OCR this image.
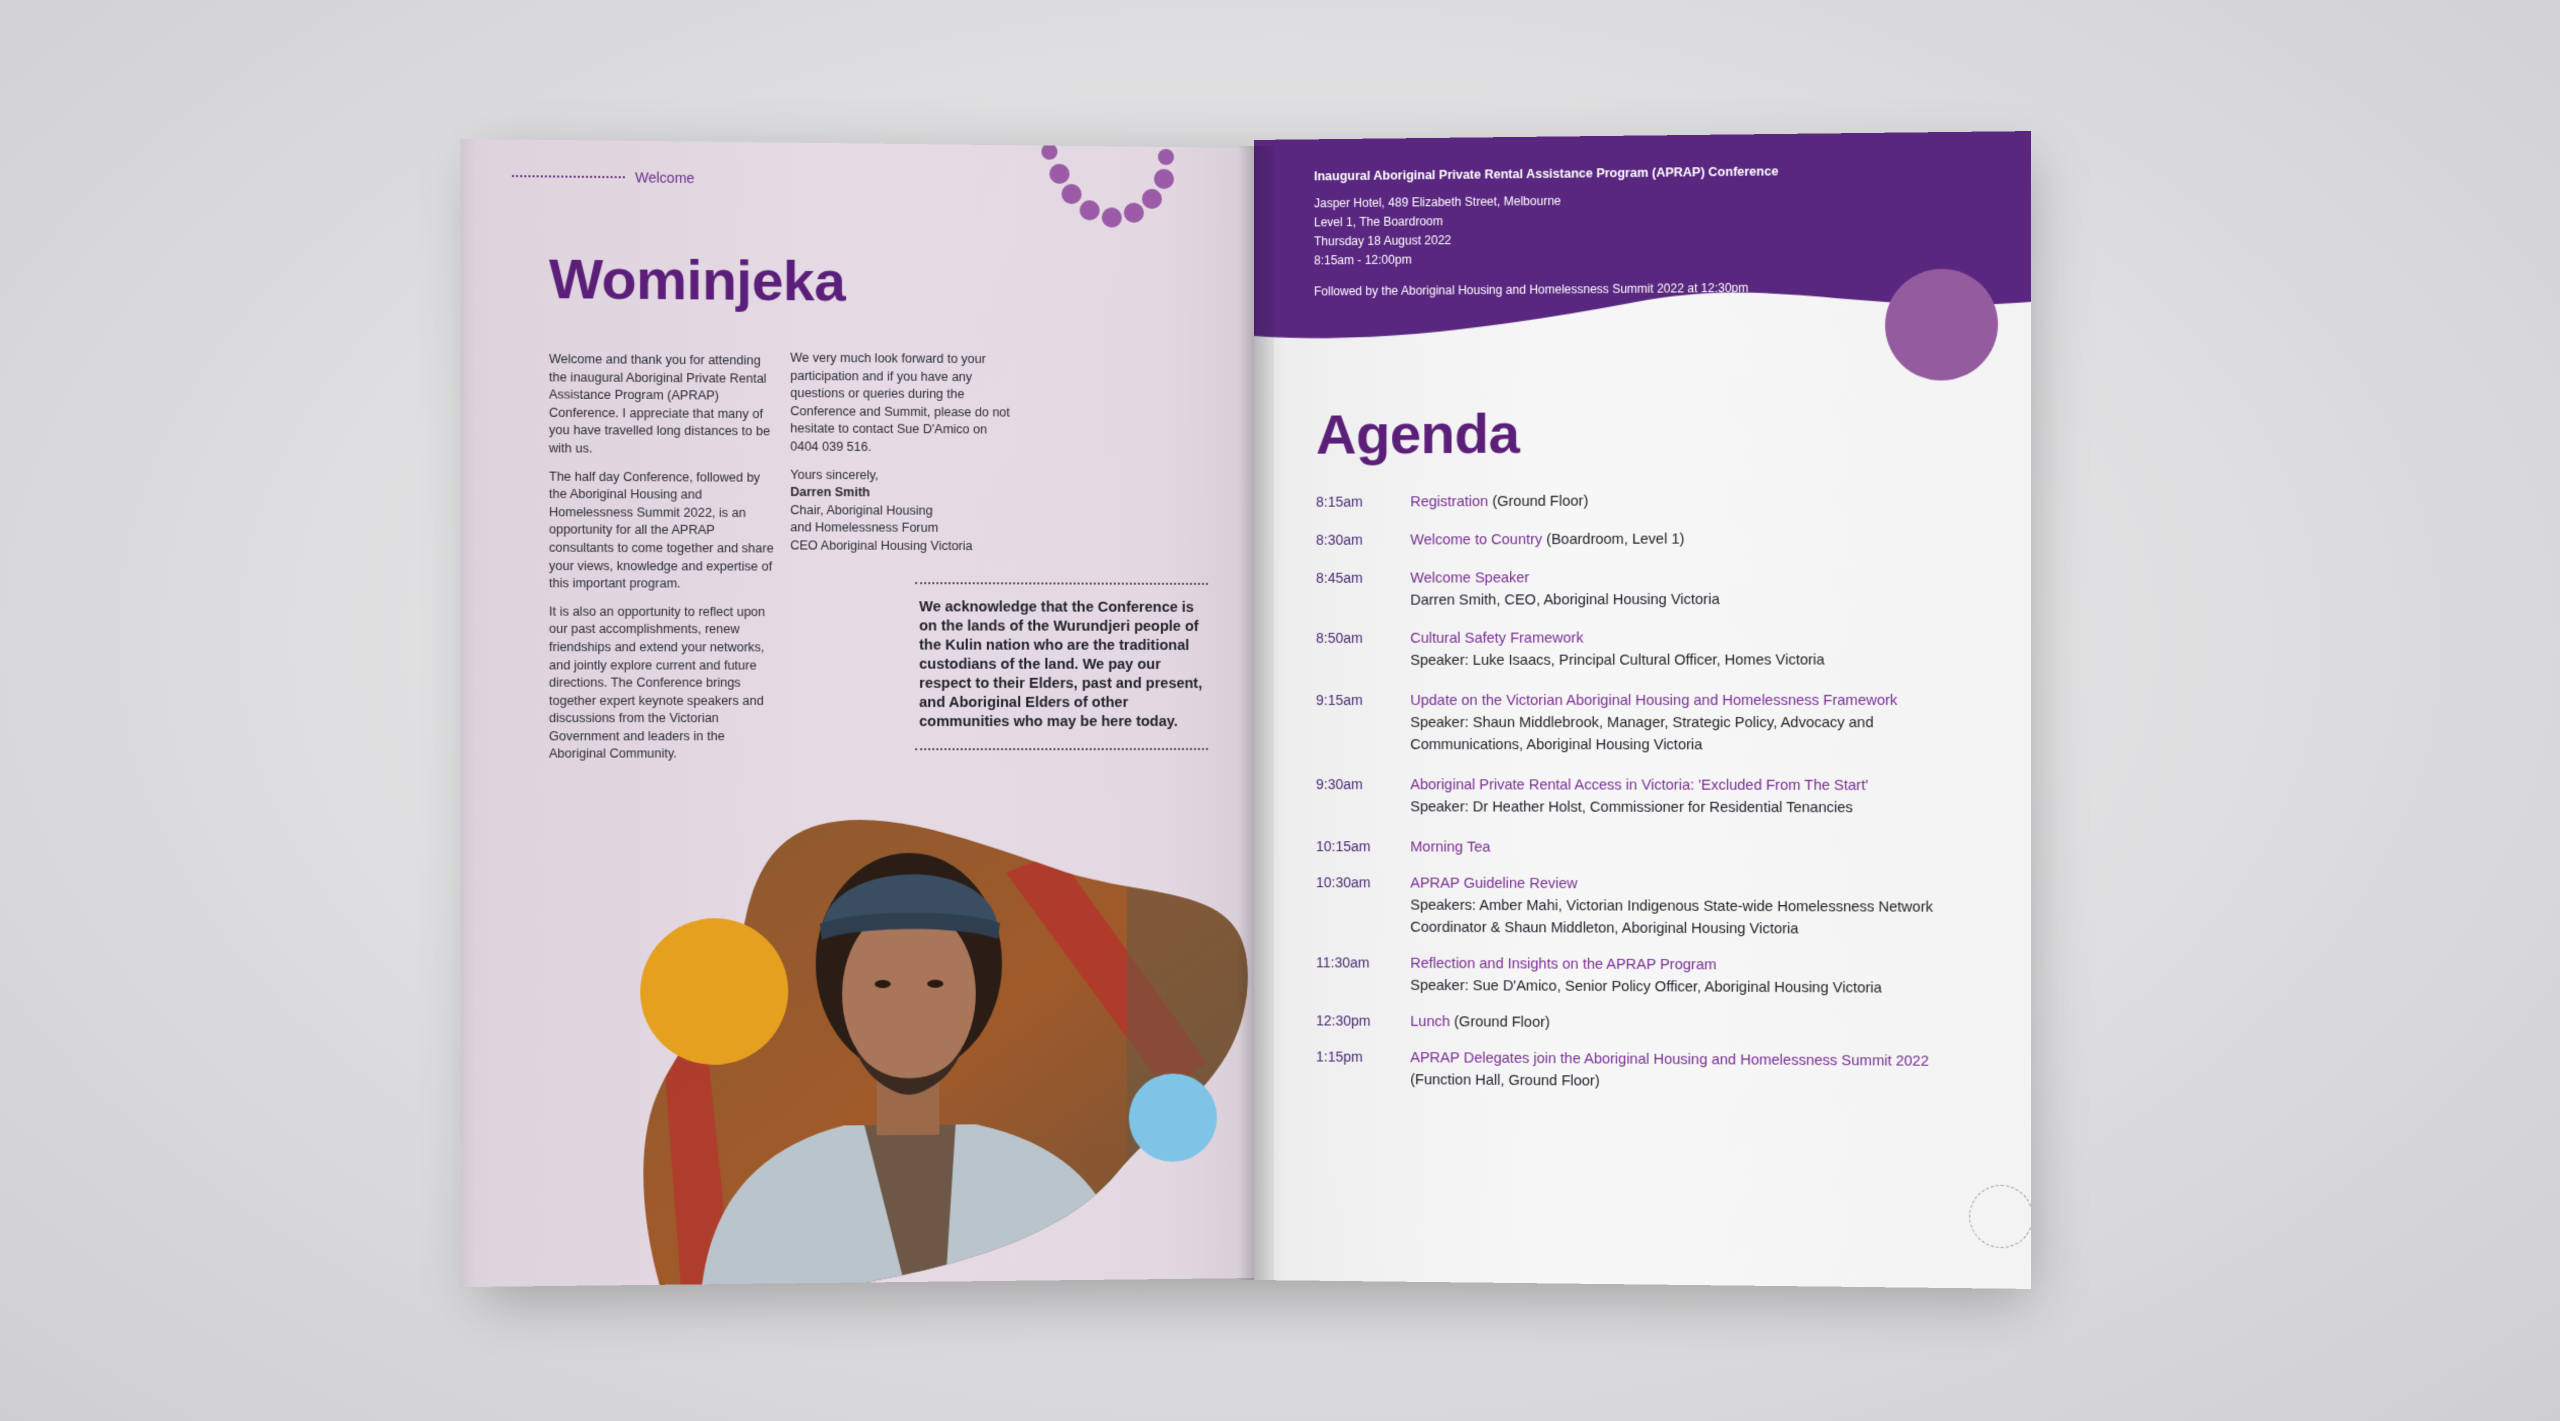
Welcome
Wominjeka

Welcome and thank you for attending the inaugural Aboriginal Private Rental Assistance Program (APRAP) Conference. I appreciate that many of you have travelled long distances to be with us.

The half day Conference, followed by the Aboriginal Housing and Homelessness Summit 2022, is an opportunity for all the APRAP consultants to come together and share your views, knowledge and expertise of this important program.

It is also an opportunity to reflect upon our past accomplishments, renew friendships and extend your networks, and jointly explore current and future directions. The Conference brings together expert keynote speakers and discussions from the Victorian Government and leaders in the Aboriginal Community.

We very much look forward to your participation and if you have any questions or queries during the Conference and Summit, please do not hesitate to contact Sue D'Amico on 0404 039 516.

Yours sincerely,
Darren Smith
Chair, Aboriginal Housing
and Homelessness Forum
CEO Aboriginal Housing Victoria
We acknowledge that the Conference is on the lands of the Wurundjeri people of the Kulin nation who are the traditional custodians of the land. We pay our respect to their Elders, past and present, and Aboriginal Elders of other communities who may be here today.
Inaugural Aboriginal Private Rental Assistance Program (APRAP) Conference
Jasper Hotel, 489 Elizabeth Street, Melbourne
Level 1, The Boardroom
Thursday 18 August 2022
8:15am - 12:00pm
Followed by the Aboriginal Housing and Homelessness Summit 2022 at 12:30pm
Agenda
8:15am	Registration (Ground Floor)
8:30am	Welcome to Country (Boardroom, Level 1)
8:45am	Welcome Speaker
Darren Smith, CEO, Aboriginal Housing Victoria
8:50am	Cultural Safety Framework
Speaker: Luke Isaacs, Principal Cultural Officer, Homes Victoria
9:15am	Update on the Victorian Aboriginal Housing and Homelessness Framework
Speaker: Shaun Middlebrook, Manager, Strategic Policy, Advocacy and Communications, Aboriginal Housing Victoria
9:30am	Aboriginal Private Rental Access in Victoria: 'Excluded From The Start'
Speaker: Dr Heather Holst, Commissioner for Residential Tenancies
10:15am	Morning Tea
10:30am	APRAP Guideline Review
Speakers: Amber Mahi, Victorian Indigenous State-wide Homelessness Network Coordinator & Shaun Middleton, Aboriginal Housing Victoria
11:30am	Reflection and Insights on the APRAP Program
Speaker: Sue D'Amico, Senior Policy Officer, Aboriginal Housing Victoria
12:30pm	Lunch (Ground Floor)
1:15pm	APRAP Delegates join the Aboriginal Housing and Homelessness Summit 2022
(Function Hall, Ground Floor)
